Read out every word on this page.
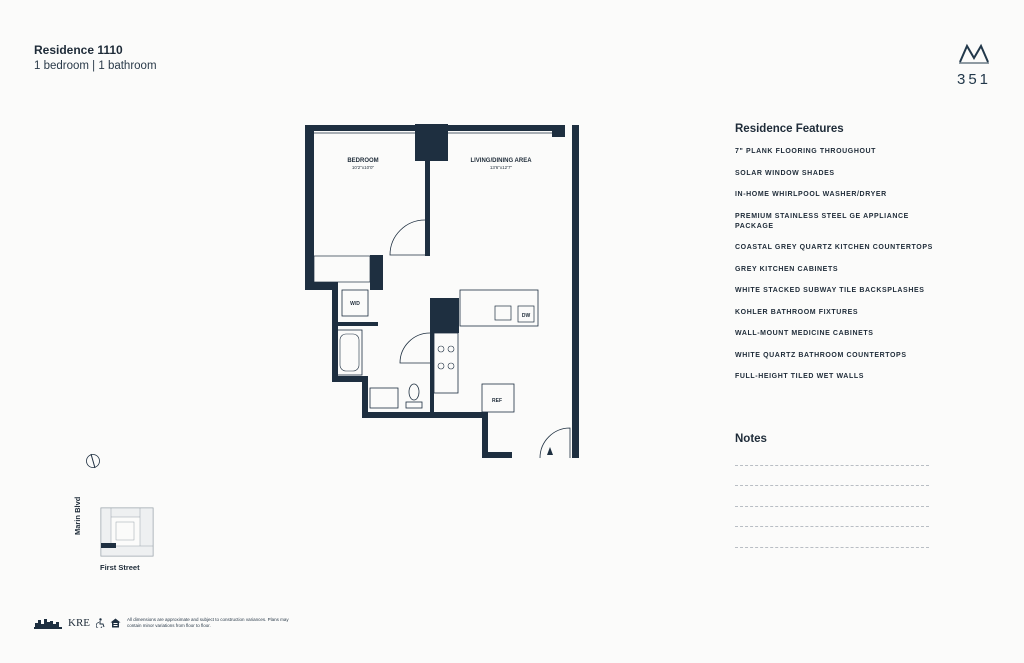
Residence 1110
1 bedroom | 1 bathroom
351
BEDROOM
10'2"x10'0"
LIVING/DINING AREA
13'6"x12'7"
W/D
DW
REF
Marin Blvd
First Street
Residence Features
7" PLANK FLOORING THROUGHOUT
SOLAR WINDOW SHADES
IN-HOME WHIRLPOOL WASHER/DRYER
PREMIUM STAINLESS STEEL GE APPLIANCE PACKAGE
COASTAL GREY QUARTZ KITCHEN COUNTERTOPS
GREY KITCHEN CABINETS
WHITE STACKED SUBWAY TILE BACKSPLASHES
KOHLER BATHROOM FIXTURES
WALL-MOUNT MEDICINE CABINETS
WHITE QUARTZ BATHROOM COUNTERTOPS
FULL-HEIGHT TILED WET WALLS
Notes
KRE	All dimensions are approximate and subject to construction variances. Plans may contain minor variations from floor to floor.
